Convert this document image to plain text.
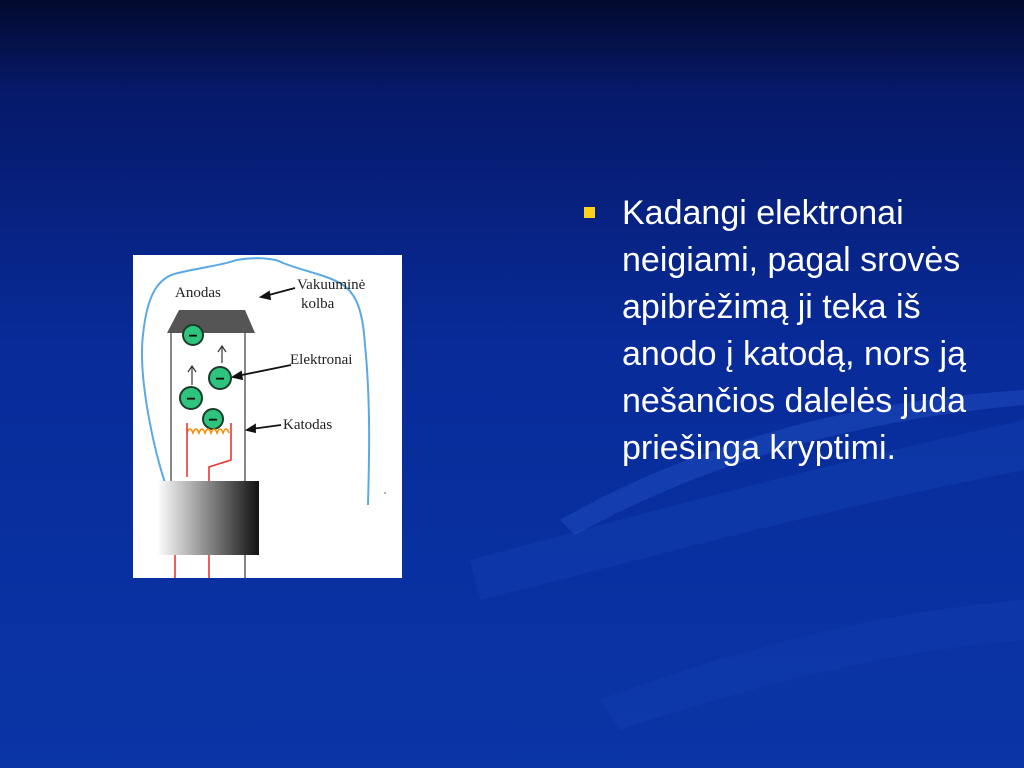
−
−
−
−
Anodas	Vakuuminė
kolba
Elektronai
Katodas

Kadangi elektronai neigiami, pagal srovės apibrėžimą ji teka iš anodo į katodą, nors ją nešančios dalelės juda priešinga kryptimi.
